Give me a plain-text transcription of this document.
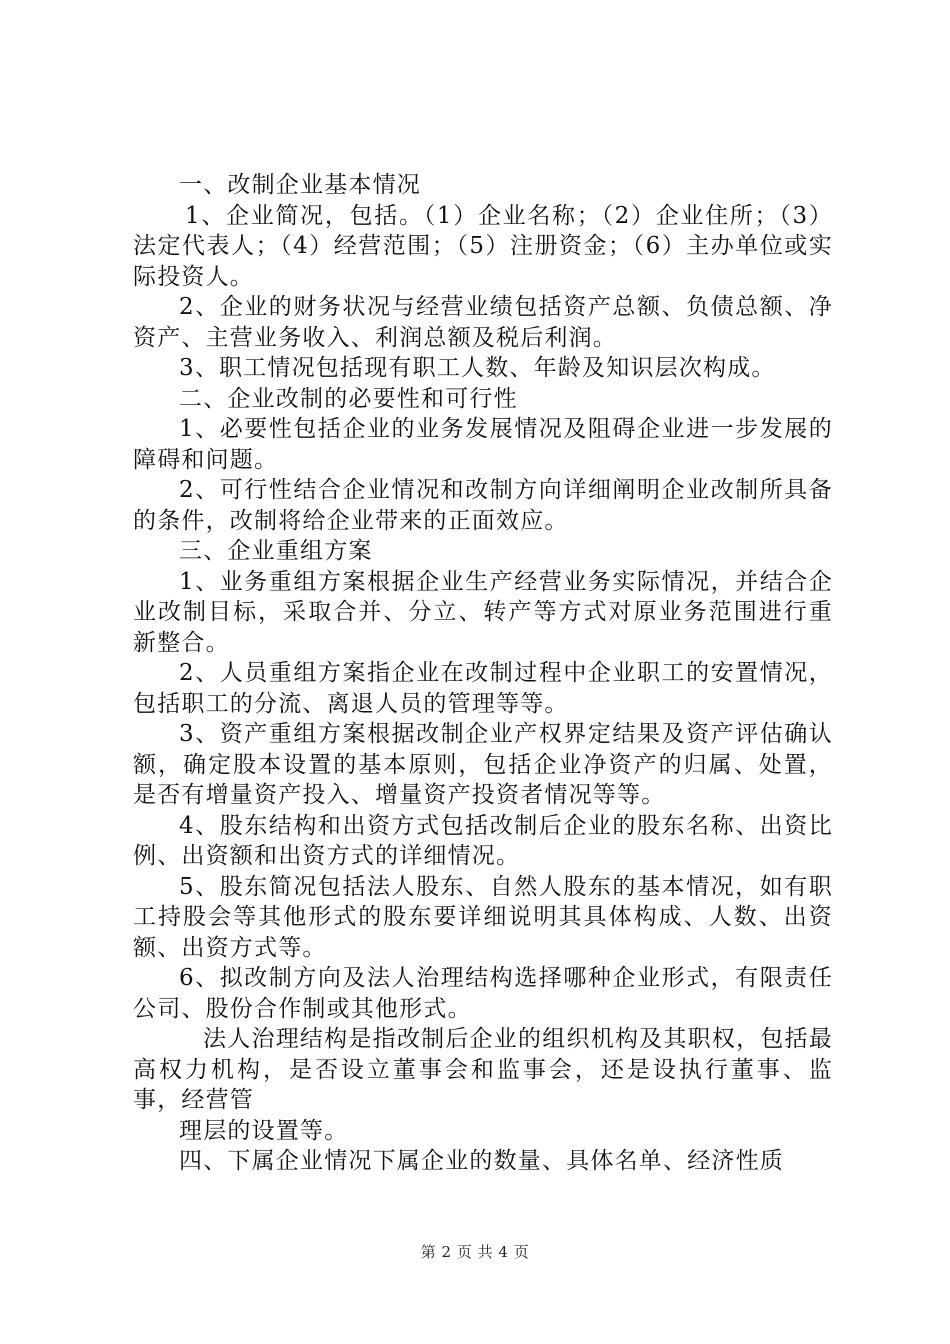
一、改制企业基本情况

1、企业简况，包括。（1）企业名称；（2）企业住所；（3）法定代表人；（4）经营范围；（5）注册资金；（6）主办单位或实际投资人。

2、企业的财务状况与经营业绩包括资产总额、负债总额、净资产、主营业务收入、利润总额及税后利润。

3、职工情况包括现有职工人数、年龄及知识层次构成。

二、企业改制的必要性和可行性

1、必要性包括企业的业务发展情况及阻碍企业进一步发展的障碍和问题。

2、可行性结合企业情况和改制方向详细阐明企业改制所具备的条件，改制将给企业带来的正面效应。

三、企业重组方案

1、业务重组方案根据企业生产经营业务实际情况，并结合企业改制目标，采取合并、分立、转产等方式对原业务范围进行重新整合。

2、人员重组方案指企业在改制过程中企业职工的安置情况，包括职工的分流、离退人员的管理等等。

3、资产重组方案根据改制企业产权界定结果及资产评估确认额，确定股本设置的基本原则，包括企业净资产的归属、处置，是否有增量资产投入、增量资产投资者情况等等。

4、股东结构和出资方式包括改制后企业的股东名称、出资比例、出资额和出资方式的详细情况。

5、股东简况包括法人股东、自然人股东的基本情况，如有职工持股会等其他形式的股东要详细说明其具体构成、人数、出资额、出资方式等。

6、拟改制方向及法人治理结构选择哪种企业形式，有限责任公司、股份合作制或其他形式。

法人治理结构是指改制后企业的组织机构及其职权，包括最高权力机构，是否设立董事会和监事会，还是设执行董事、监事，经营管

理层的设置等。

四、下属企业情况下属企业的数量、具体名单、经济性质

第 2 页 共 4 页
